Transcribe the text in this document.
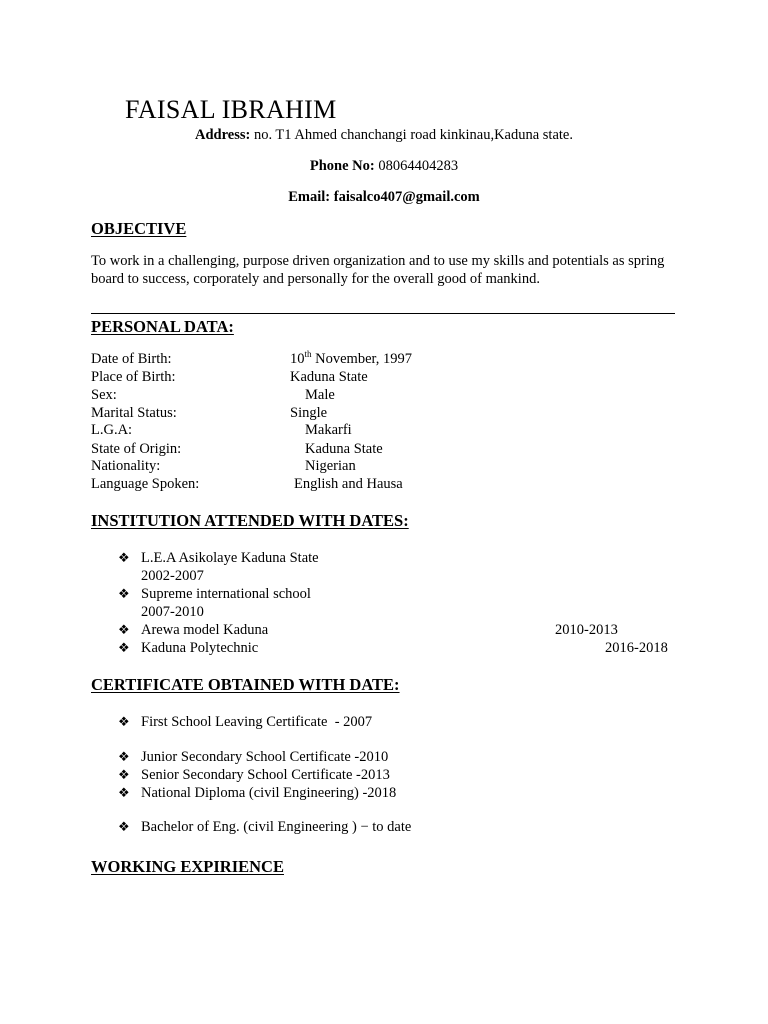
FAISAL IBRAHIM
Address: no. T1 Ahmed chanchangi road kinkinau,Kaduna state.
Phone No: 08064404283
Email: faisalco407@gmail.com
OBJECTIVE
To work in a challenging, purpose driven organization and to use my skills and potentials as spring board to success, corporately and personally for the overall good of mankind.
PERSONAL DATA:
Date of Birth:	10th November, 1997
Place of Birth:	Kaduna State
Sex:	Male
Marital Status:	Single
L.G.A:	Makarfi
State of Origin:	Kaduna State
Nationality:	Nigerian
Language Spoken:	English and Hausa
INSTITUTION ATTENDED WITH DATES:
❖ L.E.A Asikolaye Kaduna State
2002-2007
❖ Supreme international school
2007-2010
❖ Arewa model Kaduna	2010-2013
❖ Kaduna Polytechnic	2016-2018
CERTIFICATE OBTAINED WITH DATE:
❖ First School Leaving Certificate  - 2007
❖ Junior Secondary School Certificate -2010
❖ Senior Secondary School Certificate -2013
❖ National Diploma (civil Engineering) -2018
❖ Bachelor of Eng. (civil Engineering ) − to date
WORKING EXPIRIENCE
